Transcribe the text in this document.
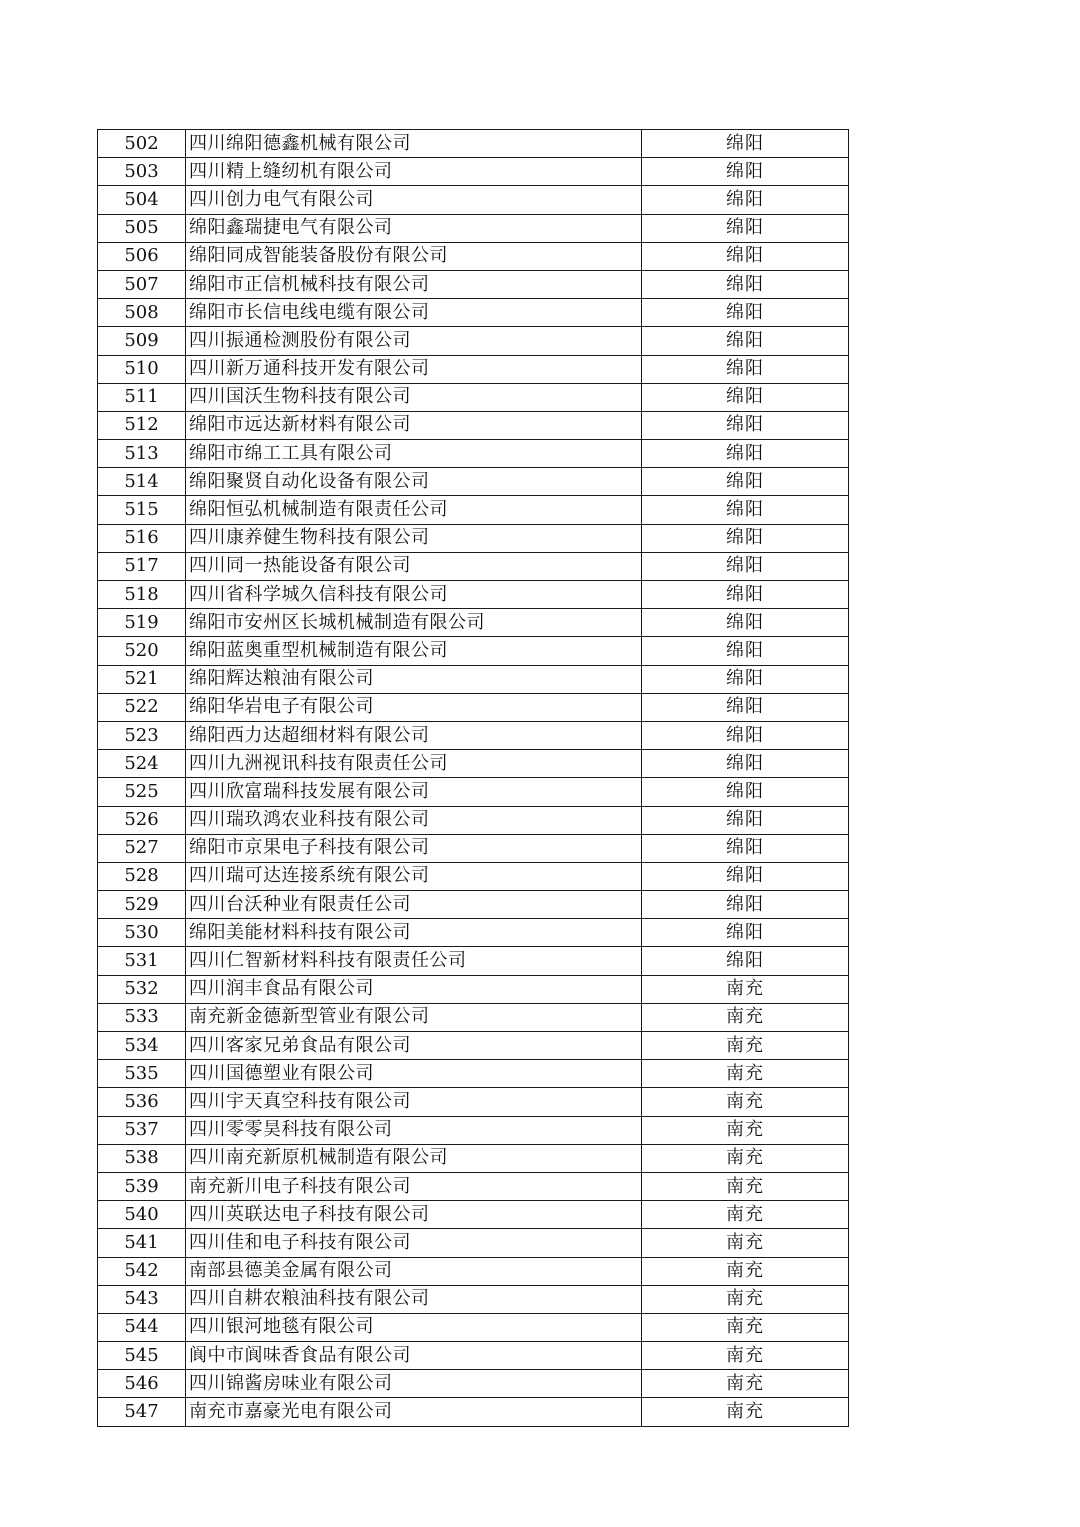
502	四川绵阳德鑫机械有限公司	绵阳
503	四川精上缝纫机有限公司	绵阳
504	四川创力电气有限公司	绵阳
505	绵阳鑫瑞捷电气有限公司	绵阳
506	绵阳同成智能装备股份有限公司	绵阳
507	绵阳市正信机械科技有限公司	绵阳
508	绵阳市长信电线电缆有限公司	绵阳
509	四川振通检测股份有限公司	绵阳
510	四川新万通科技开发有限公司	绵阳
511	四川国沃生物科技有限公司	绵阳
512	绵阳市远达新材料有限公司	绵阳
513	绵阳市绵工工具有限公司	绵阳
514	绵阳聚贤自动化设备有限公司	绵阳
515	绵阳恒弘机械制造有限责任公司	绵阳
516	四川康养健生物科技有限公司	绵阳
517	四川同一热能设备有限公司	绵阳
518	四川省科学城久信科技有限公司	绵阳
519	绵阳市安州区长城机械制造有限公司	绵阳
520	绵阳蓝奥重型机械制造有限公司	绵阳
521	绵阳辉达粮油有限公司	绵阳
522	绵阳华岩电子有限公司	绵阳
523	绵阳西力达超细材料有限公司	绵阳
524	四川九洲视讯科技有限责任公司	绵阳
525	四川欣富瑞科技发展有限公司	绵阳
526	四川瑞玖鸿农业科技有限公司	绵阳
527	绵阳市京果电子科技有限公司	绵阳
528	四川瑞可达连接系统有限公司	绵阳
529	四川台沃种业有限责任公司	绵阳
530	绵阳美能材料科技有限公司	绵阳
531	四川仁智新材料科技有限责任公司	绵阳
532	四川润丰食品有限公司	南充
533	南充新金德新型管业有限公司	南充
534	四川客家兄弟食品有限公司	南充
535	四川国德塑业有限公司	南充
536	四川宇天真空科技有限公司	南充
537	四川零零昊科技有限公司	南充
538	四川南充新原机械制造有限公司	南充
539	南充新川电子科技有限公司	南充
540	四川英联达电子科技有限公司	南充
541	四川佳和电子科技有限公司	南充
542	南部县德美金属有限公司	南充
543	四川自耕农粮油科技有限公司	南充
544	四川银河地毯有限公司	南充
545	阆中市阆味香食品有限公司	南充
546	四川锦酱房味业有限公司	南充
547	南充市嘉豪光电有限公司	南充
